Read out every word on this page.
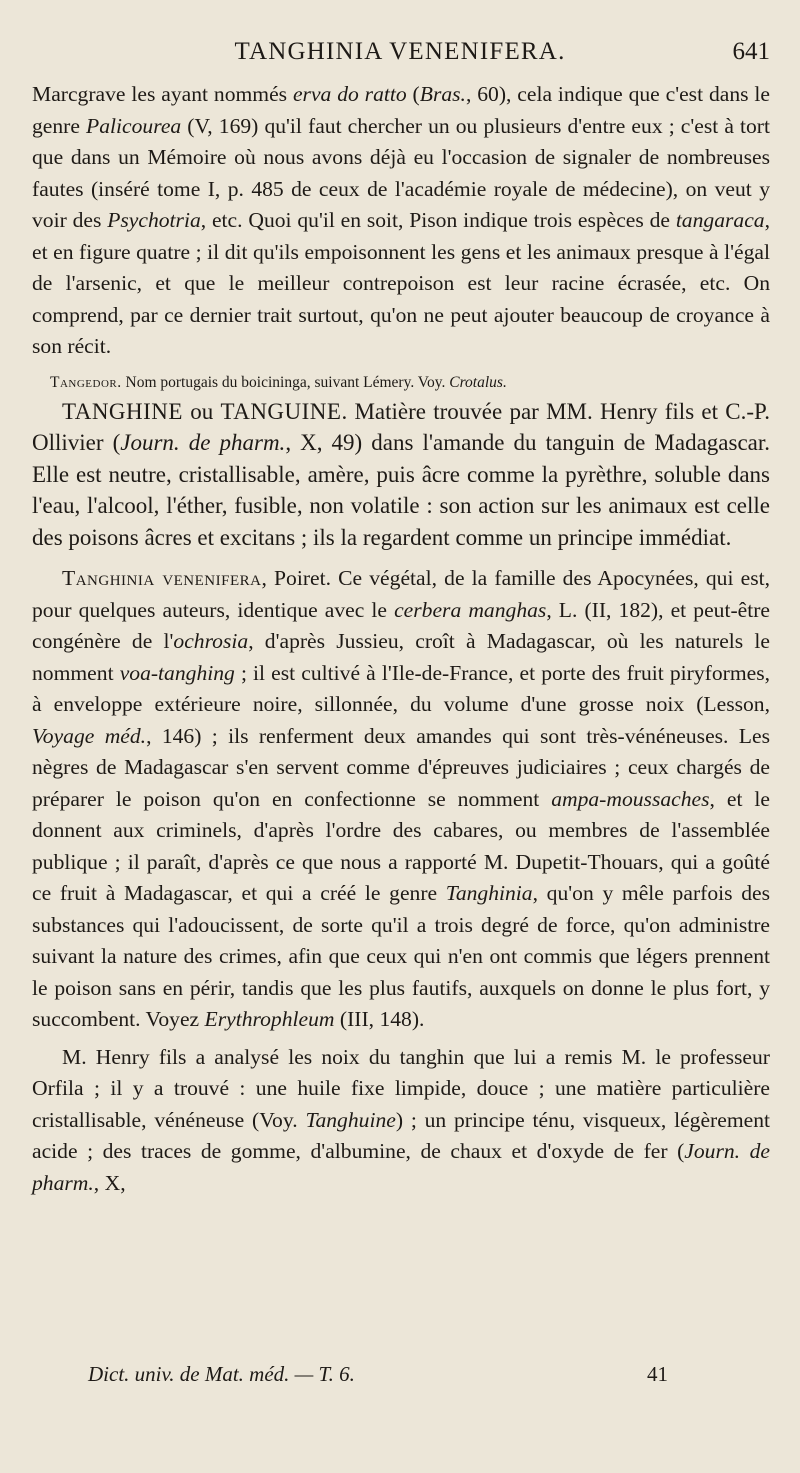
TANGHINIA VENENIFERA.	641

Marcgrave les ayant nommés erva do ratto (Bras., 60), cela indique que c'est dans le genre Palicourea (V, 169) qu'il faut chercher un ou plusieurs d'entre eux ; c'est à tort que dans un Mémoire où nous avons déjà eu l'occasion de signaler de nombreuses fautes (inséré tome I, p. 485 de ceux de l'académie royale de médecine), on veut y voir des Psychotria, etc. Quoi qu'il en soit, Pison indique trois espèces de tangaraca, et en figure quatre ; il dit qu'ils empoisonnent les gens et les animaux presque à l'égal de l'arsenic, et que le meilleur contrepoison est leur racine écrasée, etc. On comprend, par ce dernier trait surtout, qu'on ne peut ajouter beaucoup de croyance à son récit.

Tangedor. Nom portugais du boicininga, suivant Lémery. Voy. Crotalus.

TANGHINE ou TANGUINE. Matière trouvée par MM. Henry fils et C.-P. Ollivier (Journ. de pharm., X, 49) dans l'amande du tanguin de Madagascar. Elle est neutre, cristallisable, amère, puis âcre comme la pyrèthre, soluble dans l'eau, l'alcool, l'éther, fusible, non volatile : son action sur les animaux est celle des poisons âcres et excitans ; ils la regardent comme un principe immédiat.

Tanghinia venenifera, Poiret. Ce végétal, de la famille des Apocynées, qui est, pour quelques auteurs, identique avec le cerbera manghas, L. (II, 182), et peut-être congénère de l'ochrosia, d'après Jussieu, croît à Madagascar, où les naturels le nomment voa-tanghing ; il est cultivé à l'Ile-de-France, et porte des fruit piryformes, à enveloppe extérieure noire, sillonnée, du volume d'une grosse noix (Lesson, Voyage méd., 146) ; ils renferment deux amandes qui sont très-vénéneuses. Les nègres de Madagascar s'en servent comme d'épreuves judiciaires ; ceux chargés de préparer le poison qu'on en confectionne se nomment ampa-moussaches, et le donnent aux criminels, d'après l'ordre des cabares, ou membres de l'assemblée publique ; il paraît, d'après ce que nous a rapporté M. Dupetit-Thouars, qui a goûté ce fruit à Madagascar, et qui a créé le genre Tanghinia, qu'on y mêle parfois des substances qui l'adoucissent, de sorte qu'il a trois degré de force, qu'on administre suivant la nature des crimes, afin que ceux qui n'en ont commis que légers prennent le poison sans en périr, tandis que les plus fautifs, auxquels on donne le plus fort, y succombent. Voyez Erythrophleum (III, 148).

M. Henry fils a analysé les noix du tanghin que lui a remis M. le professeur Orfila ; il y a trouvé : une huile fixe limpide, douce ; une matière particulière cristallisable, vénéneuse (Voy. Tanghuine) ; un principe ténu, visqueux, légèrement acide ; des traces de gomme, d'albumine, de chaux et d'oxyde de fer (Journ. de pharm., X,

Dict. univ. de Mat. méd. — T. 6.	41
